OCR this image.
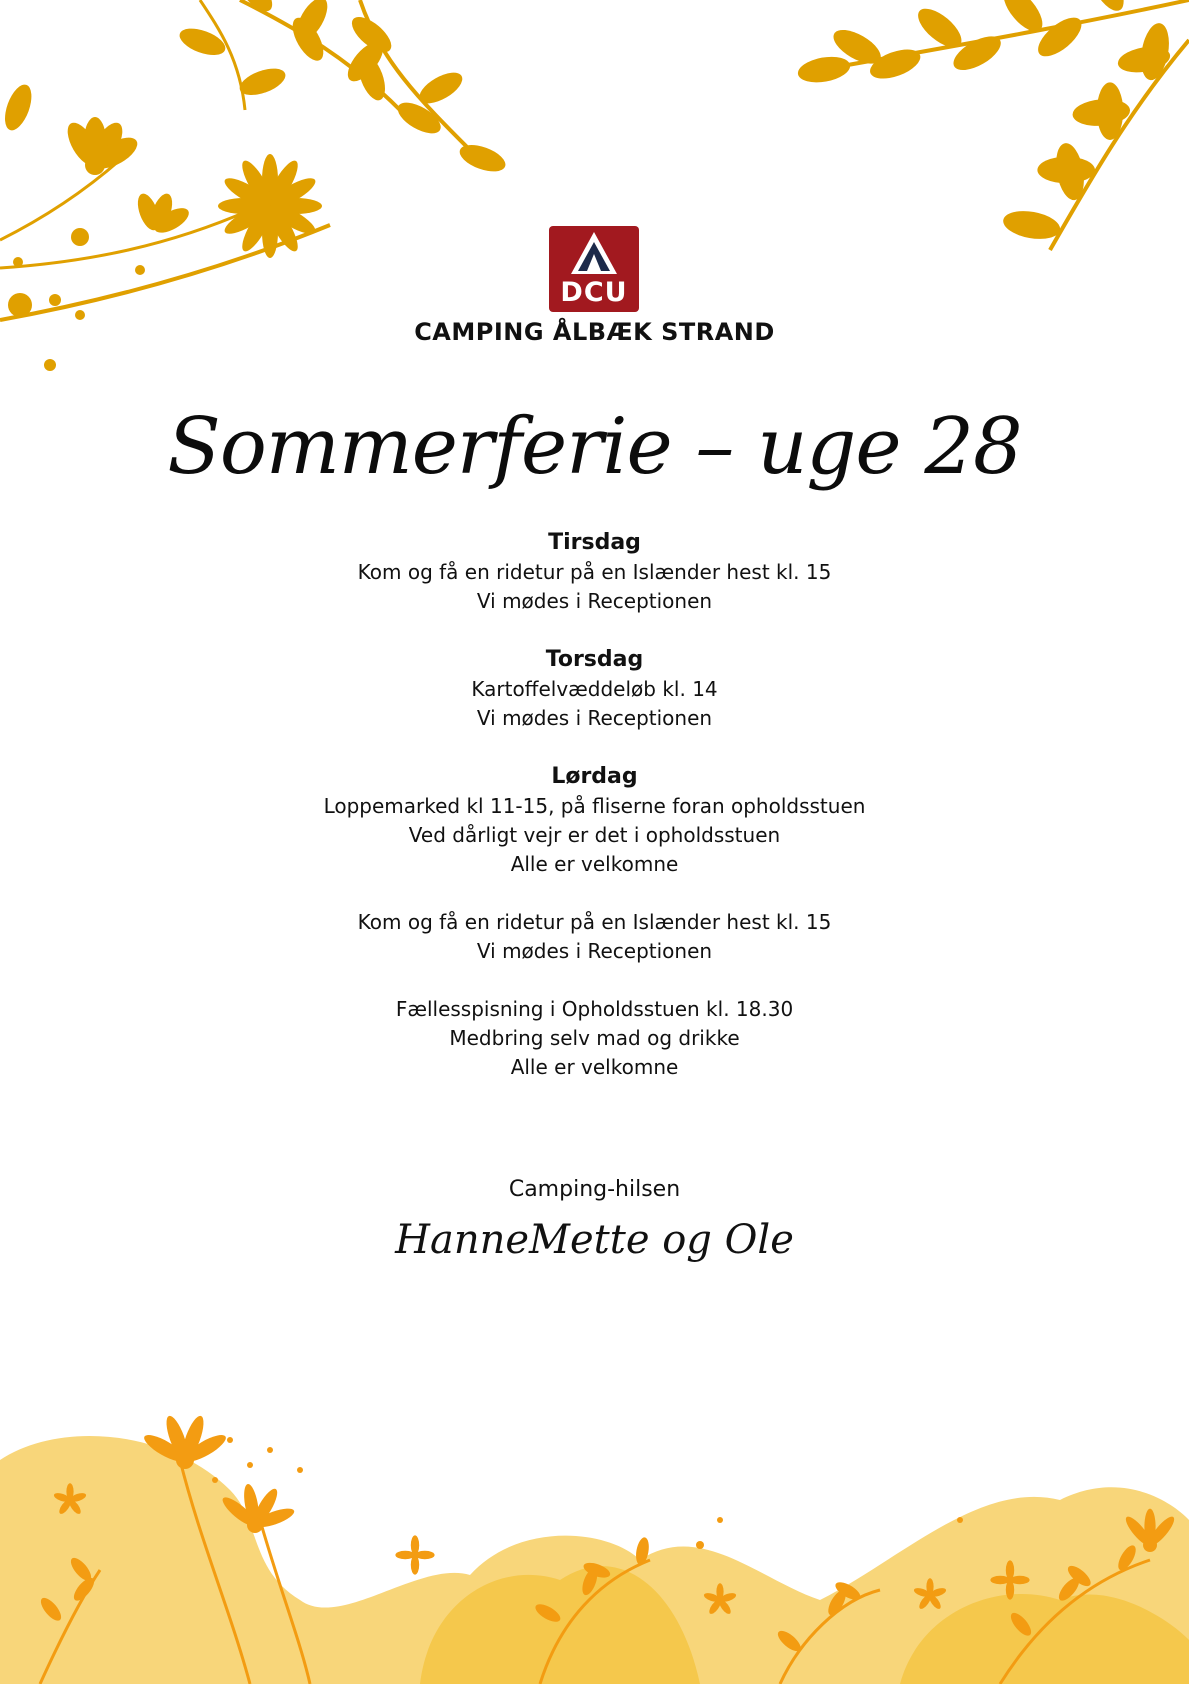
DCU
CAMPING ÅLBÆK STRAND
Sommerferie – uge 28
Tirsdag
Kom og få en ridetur på en Islænder hest kl. 15
Vi mødes i Receptionen
Torsdag
Kartoffelvæddeløb kl. 14
Vi mødes i Receptionen
Lørdag
Loppemarked kl 11-15, på fliserne foran opholdsstuen
Ved dårligt vejr er det i opholdsstuen
Alle er velkomne
Kom og få en ridetur på en Islænder hest kl. 15
Vi mødes i Receptionen
Fællesspisning i Opholdsstuen kl. 18.30
Medbring selv mad og drikke
Alle er velkomne
Camping-hilsen
HanneMette og Ole
